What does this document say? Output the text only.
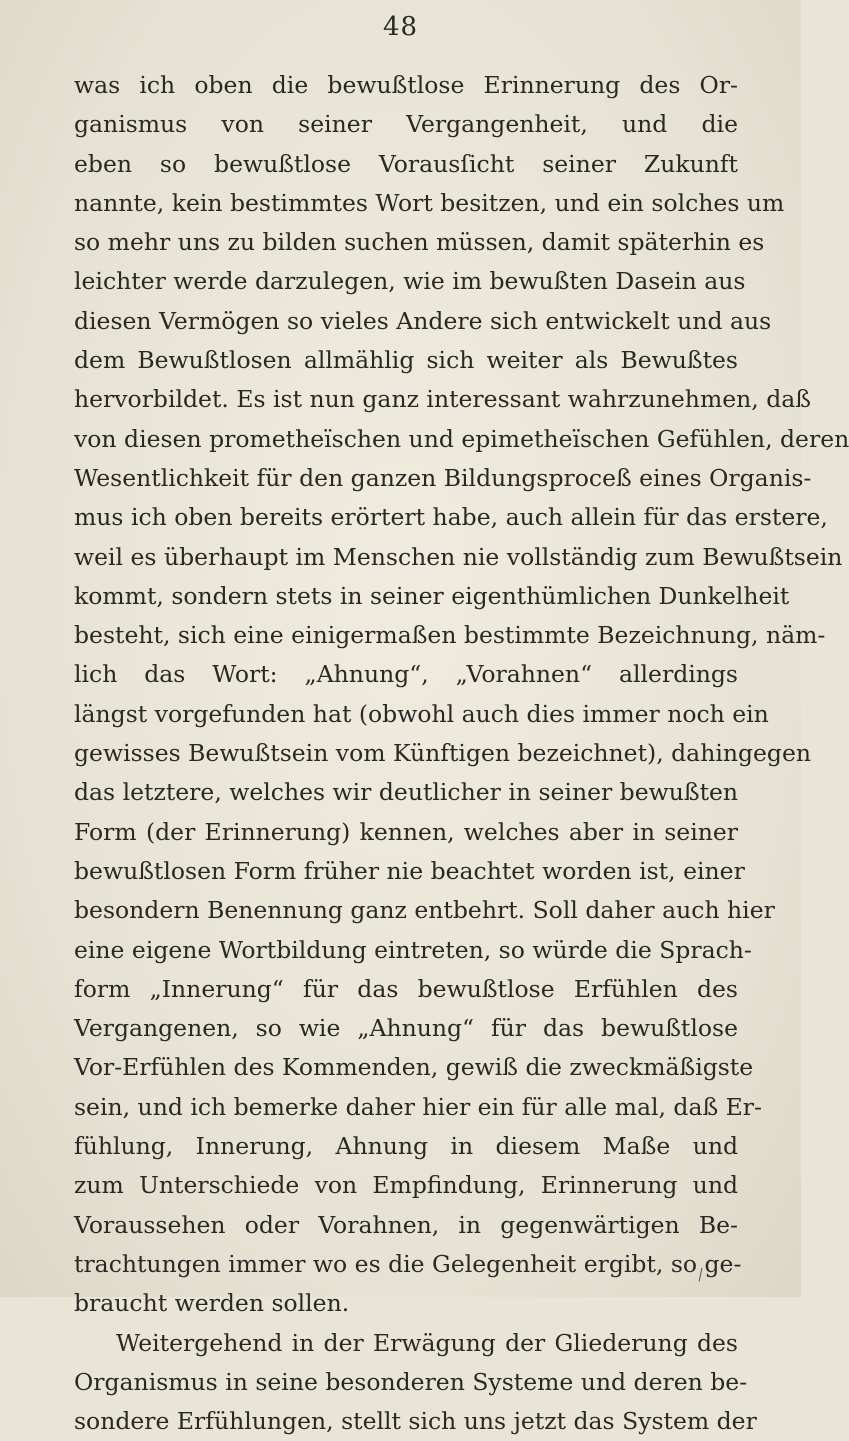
48
was ich oben die bewußtlose Erinnerung des Or-
ganismus von seiner Vergangenheit, und die
eben so bewußtlose Vorausſicht seiner Zukunft
nannte, kein bestimmtes Wort besitzen, und ein solches um
so mehr uns zu bilden suchen müssen, damit späterhin es
leichter werde darzulegen, wie im bewußten Dasein aus
diesen Vermögen so vieles Andere sich entwickelt und aus
dem Bewußtlosen allmählig sich weiter als Bewußtes
hervorbildet. Es ist nun ganz interessant wahrzunehmen, daß
von diesen prometheïschen und epimetheïschen Gefühlen, deren
Wesentlichkeit für den ganzen Bildungsproceß eines Organis-
mus ich oben bereits erörtert habe, auch allein für das erstere,
weil es überhaupt im Menschen nie vollständig zum Bewußtsein
kommt, sondern stets in seiner eigenthümlichen Dunkelheit
besteht, sich eine einigermaßen bestimmte Bezeichnung, näm-
lich das Wort: „Ahnung“, „Vorahnen“ allerdings
längst vorgefunden hat (obwohl auch dies immer noch ein
gewisses Bewußtsein vom Künftigen bezeichnet), dahingegen
das letztere, welches wir deutlicher in seiner bewußten
Form (der Erinnerung) kennen, welches aber in seiner
bewußtlosen Form früher nie beachtet worden ist, einer
besondern Benennung ganz entbehrt. Soll daher auch hier
eine eigene Wortbildung eintreten, so würde die Sprach-
form „Innerung“ für das bewußtlose Erfühlen des
Vergangenen, so wie „Ahnung“ für das bewußtlose
Vor-Erfühlen des Kommenden, gewiß die zweckmäßigste
sein, und ich bemerke daher hier ein für alle mal, daß Er-
fühlung, Innerung, Ahnung in diesem Maße und
zum Unterschiede von Empfindung, Erinnerung und
Voraussehen oder Vorahnen, in gegenwärtigen Be-
trachtungen immer wo es die Gelegenheit ergibt, so ge-
braucht werden sollen.
Weitergehend in der Erwägung der Gliederung des
Organismus in seine besonderen Systeme und deren be-
sondere Erfühlungen, stellt sich uns jetzt das System der
